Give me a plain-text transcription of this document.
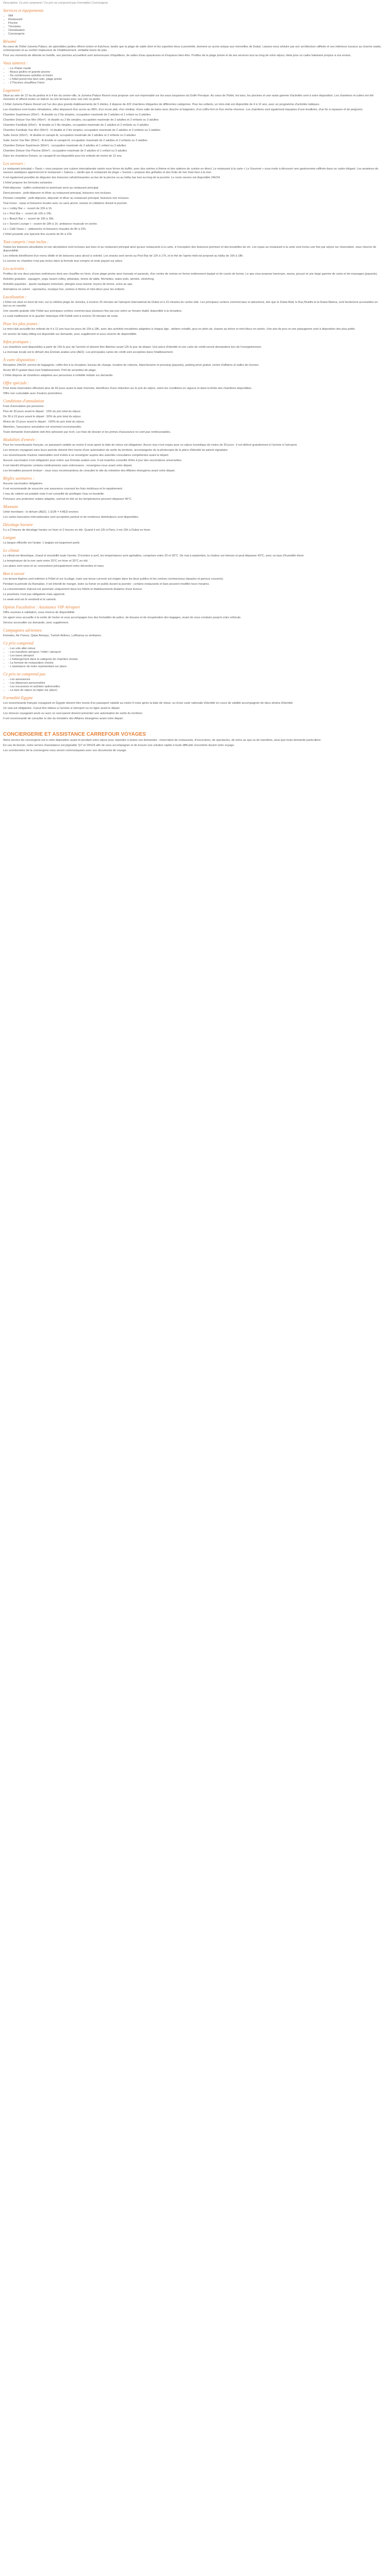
Descriptive: Ce prix comprend / Ce prix ne comprend pas Formalités Conciergerie

Services et équipements
• Wifi
• Restaurant
• Piscine
• Ténnistes
• Climatisation
• Conciergerie
Résumé

Au cœur de l'hôtel Jumeira Palace, de splendides jardins offrent ombre et fraîcheur, tandis que la plage de sable doré et les superbes lieux à proximité, donnent un accès unique aux merveilles de Dubaï. Laissez-vous séduire par son architecture raffinée et ses intérieurs luxueux au charme arabe, contemporain et au confort chaleureux de l'établissement, véritable havre de paix.

Pour vos moments de détente en famille, ses piscines accueillent sont amoureuses d'équilibres, de salles d'eau spacieuses et d'espaces bien-être. Profitez de la plage privée et de ses services tout au long de votre séjour, idéal pour un cadre balnéaire propice à vos envies.

Vous aimerez :
• - La chaise royale
• - Beaux jardins et grande piscine
• - De nombreuses activités et loisirs
• - L'hôtel prend très bien soin, plage privée
• - 2 Piscines chauffées l'hiver
Logement :

Situé au sein de 12 ha de jardins et à 4 km du centre-ville, le Jumeira Palace Resort vous propose une vue imprenable sur les eaux turquoises du Golfe Persique. Au cœur de l'hôtel, les bars, les piscines et une vaste gamme d'activités sont à votre disposition. Les chambres et suites ont été rénovées et offrent toutes un balcon ou une terrasse avec vue mer ou jardin.

L'hôtel Jumeira Palace Resort est l'un des plus grands établissements de 5 étoiles, il dispose de 422 chambres élégantes de différentes catégories. Pour les enfants, un mini-club est disponible de 4 à 12 ans, avec un programme d'activités ludiques.

Les chambres sont toutes climatisées, elles disposent d'un accès au WiFi, d'un écran plat, d'un minibar, d'une salle de bains avec douche et baignoire, d'un coffre-fort et d'un sèche-cheveux. Les chambres sont également équipées d'une bouilloire, d'un fer à repasser et de peignoirs.

Chambre Supérieure (35m²) : lit double ou 2 lits simples, occupation maximale de 2 adultes et 1 enfant ou 3 adultes

Chambre Deluxe Vue Mer (45m²) : lit double ou 2 lits simples, occupation maximale de 2 adultes et 2 enfants ou 3 adultes

Chambre Familiale (55m²) : lit double et 2 lits simples, occupation maximale de 2 adultes et 2 enfants ou 3 adultes

Chambre Familiale Vue Mer (55m²) : lit double et 2 lits simples, occupation maximale de 2 adultes et 2 enfants ou 3 adultes

Suite Junior (65m²) : lit double et canapé-lit, occupation maximale de 2 adultes et 2 enfants ou 3 adultes

Suite Junior Vue Mer (65m²) : lit double et canapé-lit, occupation maximale de 2 adultes et 2 enfants ou 3 adultes

Chambre Deluxe Supérieure (50m²) : occupation maximale de 2 adultes et 1 enfant ou 3 adultes

Chambre Deluxe Vue Piscine (50m²) : occupation maximale de 2 adultes et 1 enfant ou 3 adultes

Dans les chambres Deluxe, un canapé-lit est disponible pour les enfants de moins de 12 ans.

Les saveurs :

Le restaurant principal « Oasis » vous propose une cuisine internationale variée sous forme de buffet, avec des soirées à thème et des stations de cuisine en direct. Le restaurant à la carte « Le Gourmet » vous invite à découvrir une gastronomie raffinée dans un cadre élégant. Les amateurs de saveurs asiatiques apprécieront le restaurant « Sakura », tandis que le restaurant de plage « Sunset » propose des grillades et des fruits de mer frais face à la mer.

Il est également possible de déguster des boissons rafraîchissantes au bar de la piscine ou au lobby bar tout au long de la journée. Le room service est disponible 24h/24.

L'hôtel propose les formules suivantes :

Petit-déjeuner : buffet continental et américain servi au restaurant principal.

Demi-pension : petit-déjeuner et dîner au restaurant principal, boissons non incluses.

Pension complète : petit-déjeuner, déjeuner et dîner au restaurant principal, boissons non incluses.

Tout inclus : repas et boissons locales avec ou sans alcool, snacks et collations durant la journée.

Le « Lobby Bar » : ouvert de 10h à 1h.

Le « Pool Bar » : ouvert de 10h à 19h.

Le « Beach Bar » : ouvert de 10h à 18h.

Le « Sunset Lounge » : ouvert de 18h à 1h, ambiance musicale en soirée.

Le « Café Oasis » : pâtisseries et boissons chaudes de 8h à 22h.

L'hôtel possède une épicerie fine ouverte de 9h à 22h.

Tout compris / tout inclus :

Toutes les boissons alcoolisées et non alcoolisées sont incluses aux bars et au restaurant principal ainsi qu'aux restaurants à la carte, à l'exception des boissons premium et des bouteilles de vin. Les repas au restaurant à la carte sont inclus une fois par séjour sur réservation, sous réserve de disponibilité.

Les enfants bénéficient d'un menu dédié et de boissons sans alcool à volonté. Les snacks sont servis au Pool Bar de 12h à 17h, et le thé de l'après-midi est proposé au lobby de 16h à 18h.

Le service en chambre n'est pas inclus dans la formule tout compris et reste payant sur place.

Les activités :

Profitez de nos deux piscines extérieures dont une chauffée en hiver, d'une plage privée avec transats et parasols, d'un centre de remise en forme entièrement équipé et de courts de tennis. Le spa vous propose hammam, sauna, jacuzzi et une large gamme de soins et de massages (payants).

Activités gratuites : aquagym, yoga, beach-volley, pétanque, tennis de table, fléchettes, water-polo, aérobic, stretching.

Activités payantes : sports nautiques motorisés, plongée sous-marine, leçons de tennis, soins au spa.

Animations en soirée : spectacles, musique live, soirées à thème et mini-disco pour les enfants.

Localisation :

L'hôtel est situé en bord de mer, sur la célèbre plage de Jumeira, à environ 25 minutes de l'aéroport international de Dubaï et à 15 minutes du centre-ville. Les principaux centres commerciaux et attractions, tels que le Dubai Mall, le Burj Khalifa et la Dubai Marina, sont facilement accessibles en taxi ou en navette.

Une navette gratuite relie l'hôtel aux principaux centres commerciaux plusieurs fois par jour selon un horaire établi, disponible à la réception.

Le souk traditionnel et le quartier historique d'Al Fahidi sont à environ 20 minutes de route.

Pour les plus jeunes :

Le mini-club accueille les enfants de 4 à 12 ans tous les jours de 10h à 18h, avec des activités encadrées adaptées à chaque âge : ateliers créatifs, jeux en plein air, chasse au trésor et mini-disco en soirée. Une aire de jeux et une pataugeoire sont à disposition des plus petits.

Un service de baby-sitting est disponible sur demande, avec supplément et sous réserve de disponibilité.

Infos pratiques :

Les chambres sont disponibles à partir de 15h le jour de l'arrivée et doivent être libérées avant 12h le jour du départ. Une pièce d'identité et une carte de crédit seront demandées lors de l'enregistrement.

La monnaie locale est le dirham des Émirats arabes unis (AED). Les principales cartes de crédit sont acceptées dans l'établissement.

À votre disposition :

Réception 24h/24, service de bagagerie, coffre-fort à la réception, bureau de change, location de voitures, blanchisserie et pressing (payants), parking privé gratuit, centre d'affaires et salles de réunion.

Accès Wi-Fi gratuit dans tout l'établissement. Prêt de serviettes de plage.

L'hôtel dispose de chambres adaptées aux personnes à mobilité réduite sur demande.

Offre spéciale :

Pour toute réservation effectuée plus de 60 jours avant la date d'arrivée, bénéficiez d'une réduction sur le prix du séjour, selon les conditions en vigueur et dans la limite des chambres disponibles.

Offre non cumulable avec d'autres promotions.

Conditions d'annulation

Frais d'annulation par personne :

Plus de 30 jours avant le départ : 10% du prix total du séjour.

De 30 à 15 jours avant le départ : 50% du prix total du séjour.

Moins de 15 jours avant le départ : 100% du prix total du séjour.

Attention, l'assurance annulation est vivement recommandée.

Toute demande d'annulation doit être adressée par écrit. Les frais de dossier et les primes d'assurance ne sont pas remboursables.

Modalités d'entrée :

Pour les ressortissants français, un passeport valable au moins 6 mois après la date de retour est obligatoire. Aucun visa n'est requis pour un séjour touristique de moins de 30 jours ; il est délivré gratuitement à l'arrivée à l'aéroport.

Les mineurs voyageant sans leurs parents doivent être munis d'une autorisation de sortie du territoire, accompagnée de la photocopie de la pièce d'identité du parent signataire.

Les ressortissants d'autres nationalités sont invités à se renseigner auprès des autorités consulaires compétentes avant le départ.

Aucune vaccination n'est obligatoire pour entrer aux Émirats arabes unis. Il est toutefois conseillé d'être à jour des vaccinations universelles.

Il est interdit d'importer certains médicaments sans ordonnance ; renseignez-vous avant votre départ.

Les formalités peuvent évoluer : nous vous recommandons de consulter le site du ministère des Affaires étrangères avant votre départ.

Règles sanitaires :

Aucune vaccination obligatoire.

Il est recommandé de souscrire une assurance couvrant les frais médicaux et le rapatriement.

L'eau du robinet est potable mais il est conseillé de privilégier l'eau en bouteille.

Prévoyez une protection solaire adaptée, surtout en été où les températures peuvent dépasser 40°C.

Monnaie

Unité monétaire : le dirham (AED). 1 EUR = 4 AED environ.

Les cartes bancaires internationales sont acceptées partout et de nombreux distributeurs sont disponibles.

Décalage horaire

Il y a 3 heures de décalage horaire en hiver et 2 heures en été. Quand il est 12h à Paris, il est 15h à Dubaï en hiver.

Langue

La langue officielle est l'arabe. L'anglais est largement parlé.

Le climat

Le climat est désertique, chaud et ensoleillé toute l'année. D'octobre à avril, les températures sont agréables, comprises entre 20 et 30°C. De mai à septembre, la chaleur est intense et peut dépasser 40°C, avec un taux d'humidité élevé.

La température de la mer varie entre 20°C en hiver et 33°C en été.

Les pluies sont rares et se concentrent principalement entre décembre et mars.

Bon à savoir

Les tenues légères sont tolérées à l'hôtel et sur la plage, mais une tenue correcte est exigée dans les lieux publics et les centres commerciaux (épaules et genoux couverts).

Pendant la période du Ramadan, il est interdit de manger, boire ou fumer en public durant la journée ; certains restaurants et bars peuvent modifier leurs horaires.

La consommation d'alcool est autorisée uniquement dans les hôtels et établissements titulaires d'une licence.

Le pourboire n'est pas obligatoire mais apprécié.

Le week-end est le vendredi et le samedi.

Option Facultative : Assistance VIP Aéroport

Offre soumise à validation, sous réserve de disponibilité.

Un agent vous accueille à la sortie de l'avion et vous accompagne lors des formalités de police, de douane et de récupération des bagages, avant de vous conduire jusqu'à votre véhicule.

Service accessible sur demande, avec supplément.

Compagnies aériennes

Emirates, Air France, Qatar Airways, Turkish Airlines, Lufthansa ou similaires.

Ce prix comprend
• - Les vols aller-retour
• - Les transferts aéroport / hôtel / aéroport
• - Les taxes aéroport
• - L'hébergement dans la catégorie de chambre choisie
• - La formule de restauration choisie
• - L'assistance de notre représentant sur place
Ce prix ne comprend pas
• - Les assurances
• - Les dépenses personnelles
• - Les excursions et activités optionnelles
• - La taxe de séjour (à régler sur place)
Formalité Egypte

Les ressortissants français voyageant en Égypte doivent être munis d'un passeport valable au moins 6 mois après la date de retour, ou d'une carte nationale d'identité en cours de validité accompagnée de deux photos d'identité.

Un visa est obligatoire. Il peut être obtenu à l'arrivée à l'aéroport ou en ligne avant le départ.

Les mineurs voyageant seuls ou avec un seul parent doivent présenter une autorisation de sortie du territoire.

Il est recommandé de consulter le site du ministère des Affaires étrangères avant votre départ.

CONCIERGERIE ET ASSISTANCE CARREFOUR VOYAGES

Notre service de conciergerie est à votre disposition avant et pendant votre séjour pour répondre à toutes vos demandes : réservation de restaurants, d'excursions, de spectacles, de soins au spa ou de transferts, ainsi que toute demande particulière.

En cas de besoin, notre service d'assistance est joignable 7j/7 et 24h/24 afin de vous accompagner et de trouver une solution rapide à toute difficulté rencontrée durant votre voyage.

Les coordonnées de la conciergerie vous seront communiquées avec vos documents de voyage.
